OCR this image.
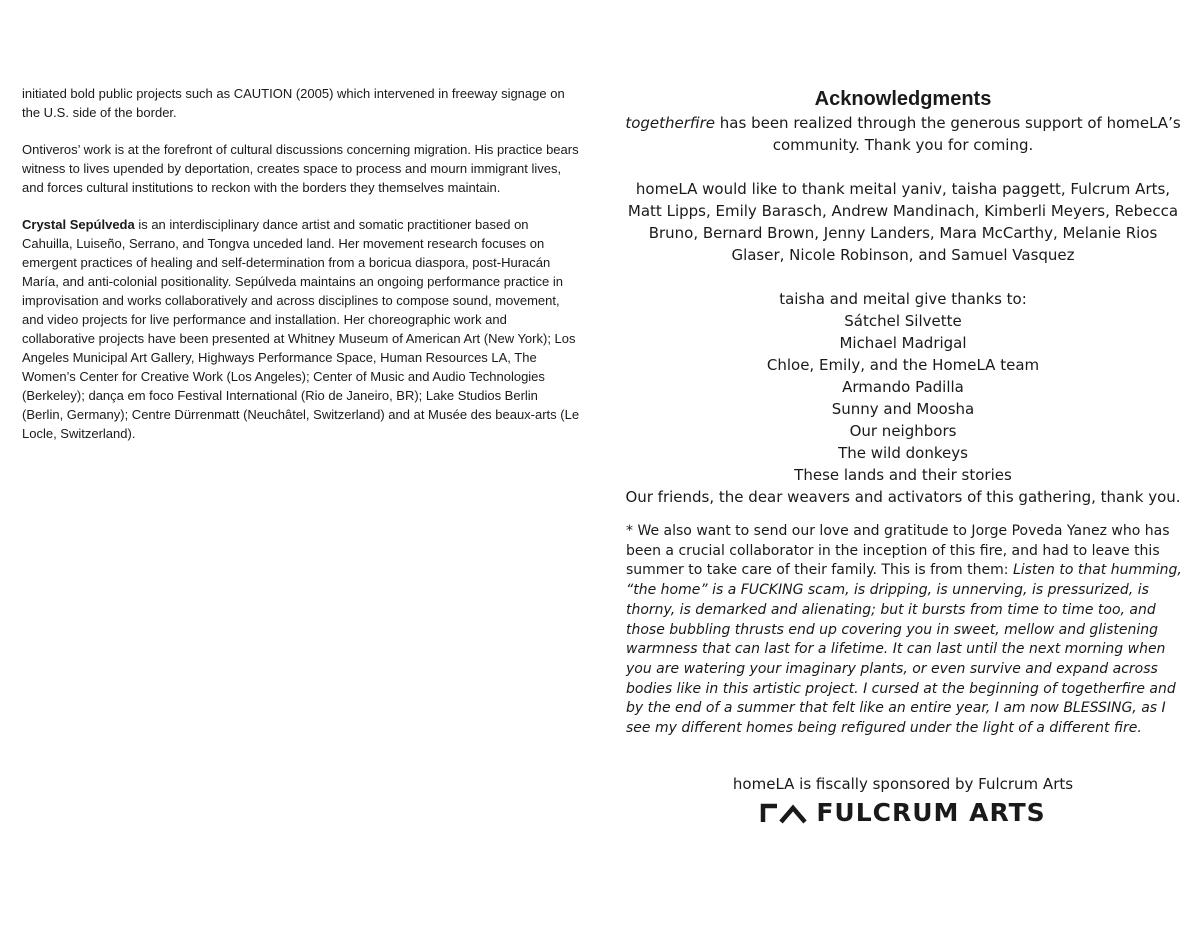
initiated bold public projects such as CAUTION (2005) which intervened in freeway signage on the U.S. side of the border.

Ontiveros’ work is at the forefront of cultural discussions concerning migration. His practice bears witness to lives upended by deportation, creates space to process and mourn immigrant lives, and forces cultural institutions to reckon with the borders they themselves maintain.

Crystal Sepúlveda is an interdisciplinary dance artist and somatic practitioner based on Cahuilla, Luiseño, Serrano, and Tongva unceded land. Her movement research focuses on emergent practices of healing and self-determination from a boricua diaspora, post-Huracán María, and anti-colonial positionality. Sepúlveda maintains an ongoing performance practice in improvisation and works collaboratively and across disciplines to compose sound, movement, and video projects for live performance and installation. Her choreographic work and collaborative projects have been presented at Whitney Museum of American Art (New York); Los Angeles Municipal Art Gallery, Highways Performance Space, Human Resources LA, The Women’s Center for Creative Work (Los Angeles); Center of Music and Audio Technologies (Berkeley); dança em foco Festival International (Rio de Janeiro, BR); Lake Studios Berlin (Berlin, Germany); Centre Dürrenmatt (Neuchâtel, Switzerland) and at Musée des beaux-arts (Le Locle, Switzerland).

Acknowledgments

togetherfire has been realized through the generous support of homeLA’s community. Thank you for coming.

homeLA would like to thank meital yaniv, taisha paggett, Fulcrum Arts, Matt Lipps, Emily Barasch, Andrew Mandinach, Kimberli Meyers, Rebecca Bruno, Bernard Brown, Jenny Landers, Mara McCarthy, Melanie Rios Glaser, Nicole Robinson, and Samuel Vasquez

taisha and meital give thanks to:

Sátchel Silvette
Michael Madrigal
Chloe, Emily, and the HomeLA team
Armando Padilla
Sunny and Moosha
Our neighbors
The wild donkeys
These lands and their stories
Our friends, the dear weavers and activators of this gathering, thank you.

* We also want to send our love and gratitude to Jorge Poveda Yanez who has been a crucial collaborator in the inception of this fire, and had to leave this summer to take care of their family. This is from them: Listen to that humming, “the home” is a FUCKING scam, is dripping, is unnerving, is pressurized, is thorny, is demarked and alienating; but it bursts from time to time too, and those bubbling thrusts end up covering you in sweet, mellow and glistening warmness that can last for a lifetime. It can last until the next morning when you are watering your imaginary plants, or even survive and expand across bodies like in this artistic project. I cursed at the beginning of togetherfire and by the end of a summer that felt like an entire year, I am now BLESSING, as I see my different homes being refigured under the light of a different fire.

homeLA is fiscally sponsored by Fulcrum Arts

FULCRUM ARTS
